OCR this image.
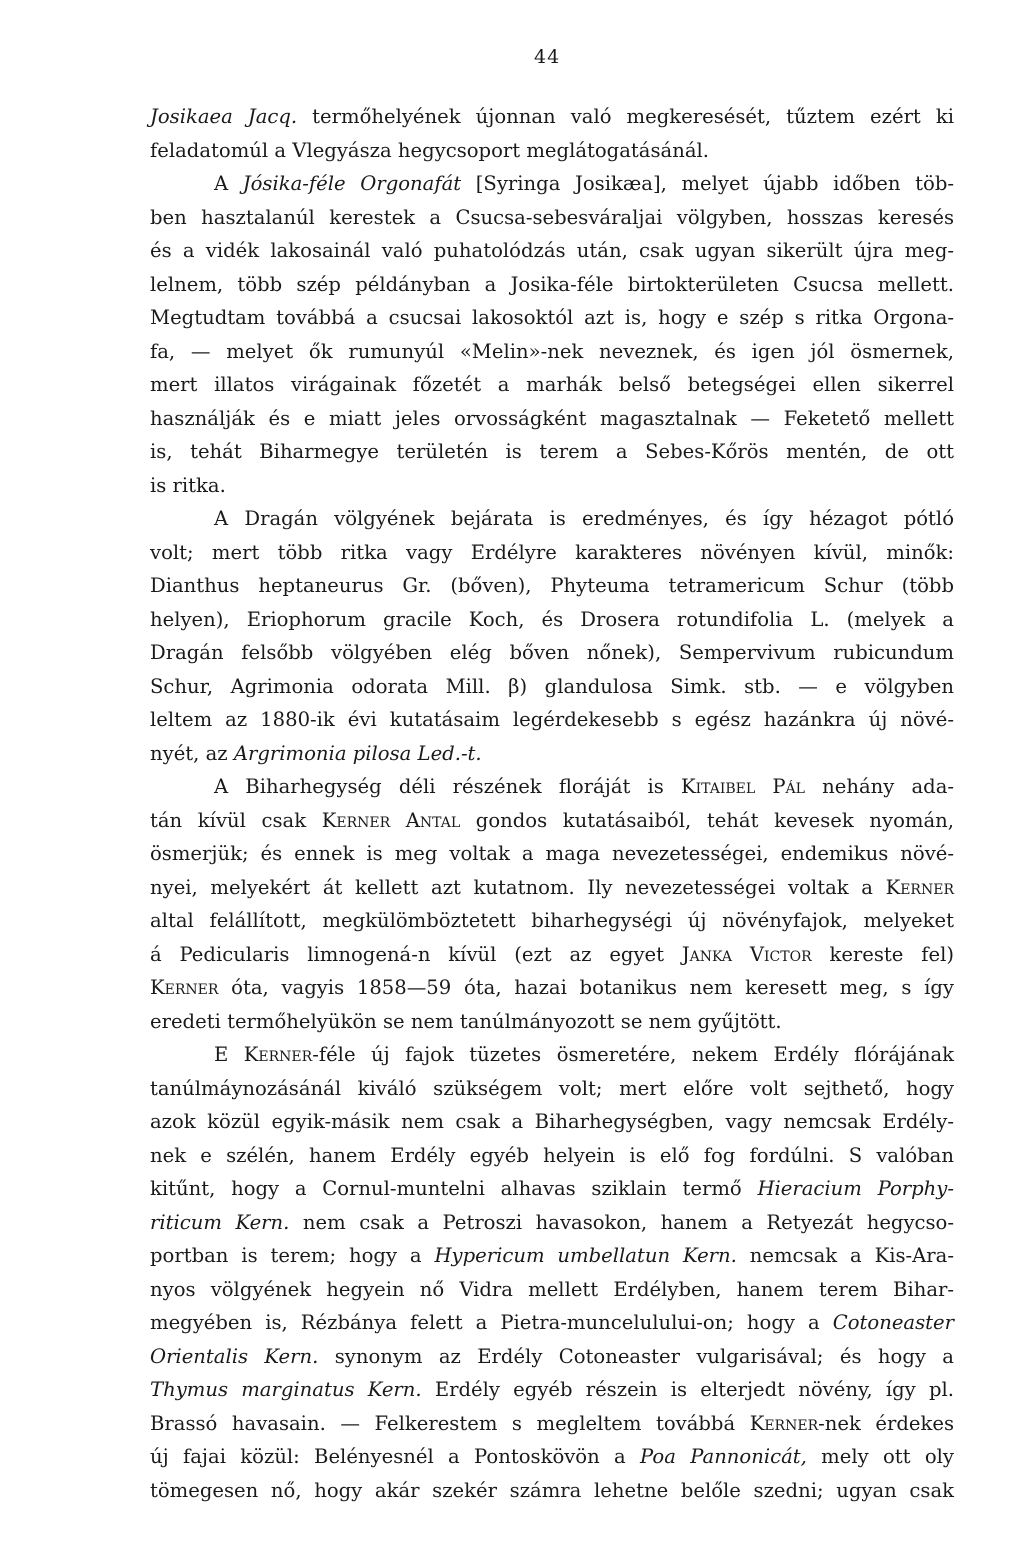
44
Josikaea Jacq. termőhelyének újonnan való megkeresését, tűztem ezért ki
feladatomúl a Vlegyásza hegycsoport meglátogatásánál.
A Jósika-féle Orgonafát [Syringa Josikæa], melyet újabb időben töb-
ben hasztalanúl kerestek a Csucsa-sebesváraljai völgyben, hosszas keresés
és a vidék lakosainál való puhatolódzás után, csak ugyan sikerült újra meg-
lelnem, több szép példányban a Josika-féle birtokterületen Csucsa mellett.
Megtudtam továbbá a csucsai lakosoktól azt is, hogy e szép s ritka Orgona-
fa, — melyet ők rumunyúl «Melin»-nek neveznek, és igen jól ösmernek,
mert illatos virágainak főzetét a marhák belső betegségei ellen sikerrel
használják és e miatt jeles orvosságként magasztalnak — Feketető mellett
is, tehát Biharmegye területén is terem a Sebes-Kőrös mentén, de ott
is ritka.
A Dragán völgyének bejárata is eredményes, és így hézagot pótló
volt; mert több ritka vagy Erdélyre karakteres növényen kívül, minők:
Dianthus heptaneurus Gr. (bőven), Phyteuma tetramericum Schur (több
helyen), Eriophorum gracile Koch, és Drosera rotundifolia L. (melyek a
Dragán felsőbb völgyében elég bőven nőnek), Sempervivum rubicundum
Schur, Agrimonia odorata Mill. β) glandulosa Simk. stb. — e völgyben
leltem az 1880-ik évi kutatásaim legérdekesebb s egész hazánkra új növé-
nyét, az Argrimonia pilosa Led.-t.
A Biharhegység déli részének floráját is Kitaibel Pál nehány ada-
tán kívül csak Kerner Antal gondos kutatásaiból, tehát kevesek nyomán,
ösmerjük; és ennek is meg voltak a maga nevezetességei, endemikus növé-
nyei, melyekért át kellett azt kutatnom. Ily nevezetességei voltak a Kerner
altal felállított, megkülömböztetett biharhegységi új növényfajok, melyeket
á Pedicularis limnogená-n kívül (ezt az egyet Janka Victor kereste fel)
Kerner óta, vagyis 1858—59 óta, hazai botanikus nem keresett meg, s így
eredeti termőhelyükön se nem tanúlmányozott se nem gyűjtött.
E Kerner-féle új fajok tüzetes ösmeretére, nekem Erdély flórájának
tanúlmáynozásánál kiváló szükségem volt; mert előre volt sejthető, hogy
azok közül egyik-másik nem csak a Biharhegységben, vagy nemcsak Erdély-
nek e szélén, hanem Erdély egyéb helyein is elő fog fordúlni. S valóban
kitűnt, hogy a Cornul-muntelni alhavas sziklain termő Hieracium Porphy-
riticum Kern. nem csak a Petroszi havasokon, hanem a Retyezát hegycso-
portban is terem; hogy a Hypericum umbellatun Kern. nemcsak a Kis-Ara-
nyos völgyének hegyein nő Vidra mellett Erdélyben, hanem terem Bihar-
megyében is, Rézbánya felett a Pietra-muncelulului-on; hogy a Cotoneaster
Orientalis Kern. synonym az Erdély Cotoneaster vulgarisával; és hogy a
Thymus marginatus Kern. Erdély egyéb részein is elterjedt növény, így pl.
Brassó havasain. — Felkerestem s megleltem továbbá Kerner-nek érdekes
új fajai közül: Belényesnél a Pontoskövön a Poa Pannonicát, mely ott oly
tömegesen nő, hogy akár szekér számra lehetne belőle szedni; ugyan csak
